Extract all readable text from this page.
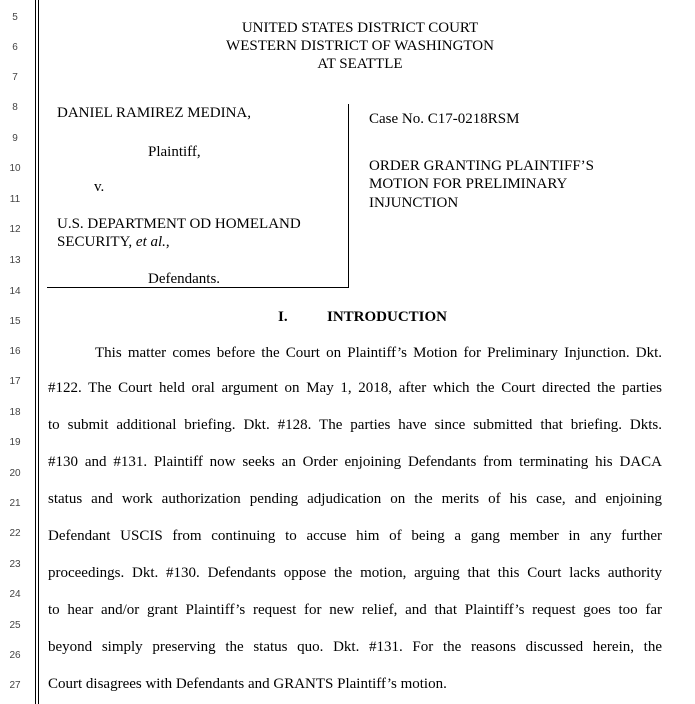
5
6
7
8
9
10
11
12
13
14
15
16
17
18
19
20
21
22
23
24
25
26
27
UNITED STATES DISTRICT COURT
WESTERN DISTRICT OF WASHINGTON
AT SEATTLE
DANIEL RAMIREZ MEDINA,
Plaintiff,
v.
U.S. DEPARTMENT OD HOMELAND
SECURITY, et al.,
Defendants.
Case No. C17-0218RSM
ORDER GRANTING PLAINTIFF’S
MOTION FOR PRELIMINARY
INJUNCTION
I.	INTRODUCTION
This matter comes before the Court on Plaintiff’s Motion for Preliminary Injunction. Dkt.
#122. The Court held oral argument on May 1, 2018, after which the Court directed the parties
to submit additional briefing. Dkt. #128. The parties have since submitted that briefing. Dkts.
#130 and #131. Plaintiff now seeks an Order enjoining Defendants from terminating his DACA
status and work authorization pending adjudication on the merits of his case, and enjoining
Defendant USCIS from continuing to accuse him of being a gang member in any further
proceedings. Dkt. #130. Defendants oppose the motion, arguing that this Court lacks authority
to hear and/or grant Plaintiff’s request for new relief, and that Plaintiff’s request goes too far
beyond simply preserving the status quo. Dkt. #131. For the reasons discussed herein, the
Court disagrees with Defendants and GRANTS Plaintiff’s motion.
